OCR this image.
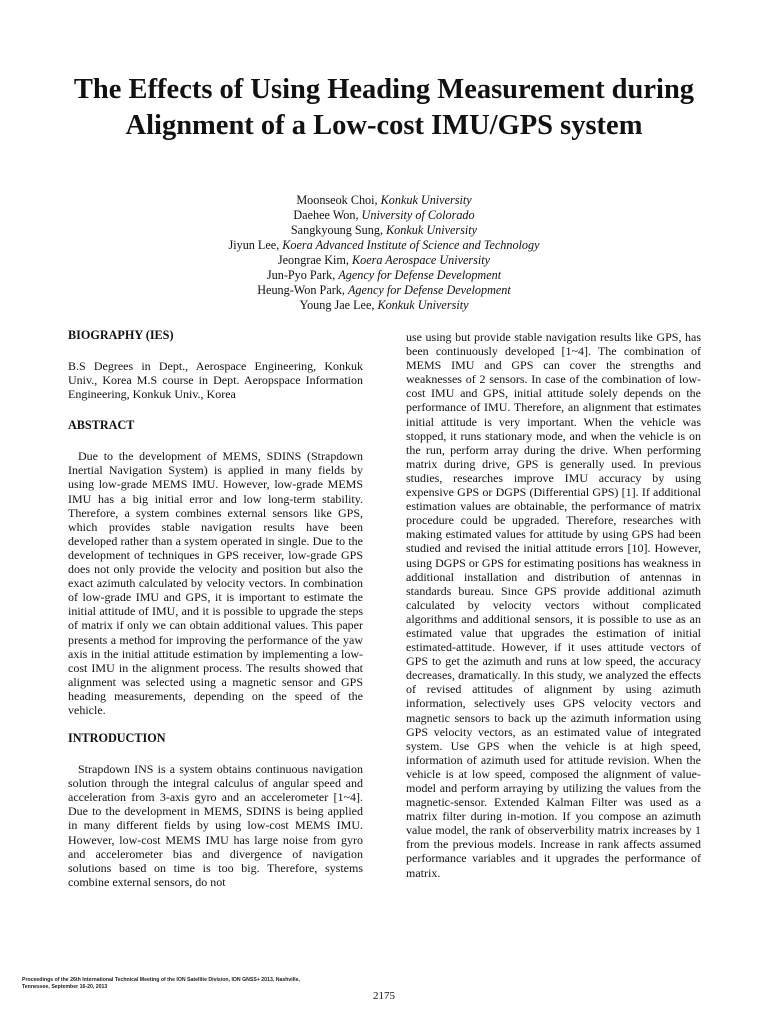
The Effects of Using Heading Measurement during Alignment of a Low-cost IMU/GPS system
Moonseok Choi, Konkuk University
Daehee Won, University of Colorado
Sangkyoung Sung, Konkuk University
Jiyun Lee, Koera Advanced Institute of Science and Technology
Jeongrae Kim, Koera Aerospace University
Jun-Pyo Park, Agency for Defense Development
Heung-Won Park, Agency for Defense Development
Young Jae Lee, Konkuk University
BIOGRAPHY (IES)

B.S Degrees in Dept., Aerospace Engineering, Konkuk Univ., Korea M.S course in Dept. Aeropspace Information Engineering, Konkuk Univ., Korea

ABSTRACT

Due to the development of MEMS, SDINS (Strapdown Inertial Navigation System) is applied in many fields by using low-grade MEMS IMU. However, low-grade MEMS IMU has a big initial error and low long-term stability. Therefore, a system combines external sensors like GPS, which provides stable navigation results have been developed rather than a system operated in single. Due to the development of techniques in GPS receiver, low-grade GPS does not only provide the velocity and position but also the exact azimuth calculated by velocity vectors. In combination of low-grade IMU and GPS, it is important to estimate the initial attitude of IMU, and it is possible to upgrade the steps of matrix if only we can obtain additional values. This paper presents a method for improving the performance of the yaw axis in the initial attitude estimation by implementing a low-cost IMU in the alignment process. The results showed that alignment was selected using a magnetic sensor and GPS heading measurements, depending on the speed of the vehicle.

INTRODUCTION

Strapdown INS is a system obtains continuous navigation solution through the integral calculus of angular speed and acceleration from 3-axis gyro and an accelerometer [1~4]. Due to the development in MEMS, SDINS is being applied in many different fields by using low-cost MEMS IMU. However, low-cost MEMS IMU has large noise from gyro and accelerometer bias and divergence of navigation solutions based on time is too big. Therefore, systems combine external sensors, do not

use using but provide stable navigation results like GPS, has been continuously developed [1~4]. The combination of MEMS IMU and GPS can cover the strengths and weaknesses of 2 sensors. In case of the combination of low-cost IMU and GPS, initial attitude solely depends on the performance of IMU. Therefore, an alignment that estimates initial attitude is very important. When the vehicle was stopped, it runs stationary mode, and when the vehicle is on the run, perform array during the drive. When performing matrix during drive, GPS is generally used. In previous studies, researches improve IMU accuracy by using expensive GPS or DGPS (Differential GPS) [1]. If additional estimation values are obtainable, the performance of matrix procedure could be upgraded. Therefore, researches with making estimated values for attitude by using GPS had been studied and revised the initial attitude errors [10]. However, using DGPS or GPS for estimating positions has weakness in additional installation and distribution of antennas in standards bureau. Since GPS provide additional azimuth calculated by velocity vectors without complicated algorithms and additional sensors, it is possible to use as an estimated value that upgrades the estimation of initial estimated-attitude. However, if it uses attitude vectors of GPS to get the azimuth and runs at low speed, the accuracy decreases, dramatically. In this study, we analyzed the effects of revised attitudes of alignment by using azimuth information, selectively uses GPS velocity vectors and magnetic sensors to back up the azimuth information using GPS velocity vectors, as an estimated value of integrated system. Use GPS when the vehicle is at high speed, information of azimuth used for attitude revision. When the vehicle is at low speed, composed the alignment of value-model and perform arraying by utilizing the values from the magnetic-sensor. Extended Kalman Filter was used as a matrix filter during in-motion. If you compose an azimuth value model, the rank of observerbility matrix increases by 1 from the previous models. Increase in rank affects assumed performance variables and it upgrades the performance of matrix.

Proceedings of the 26th International Technical Meeting of the ION Satellite Division, ION GNSS+ 2013, Nashville, Tennessee, September 16-20, 2013
2175
